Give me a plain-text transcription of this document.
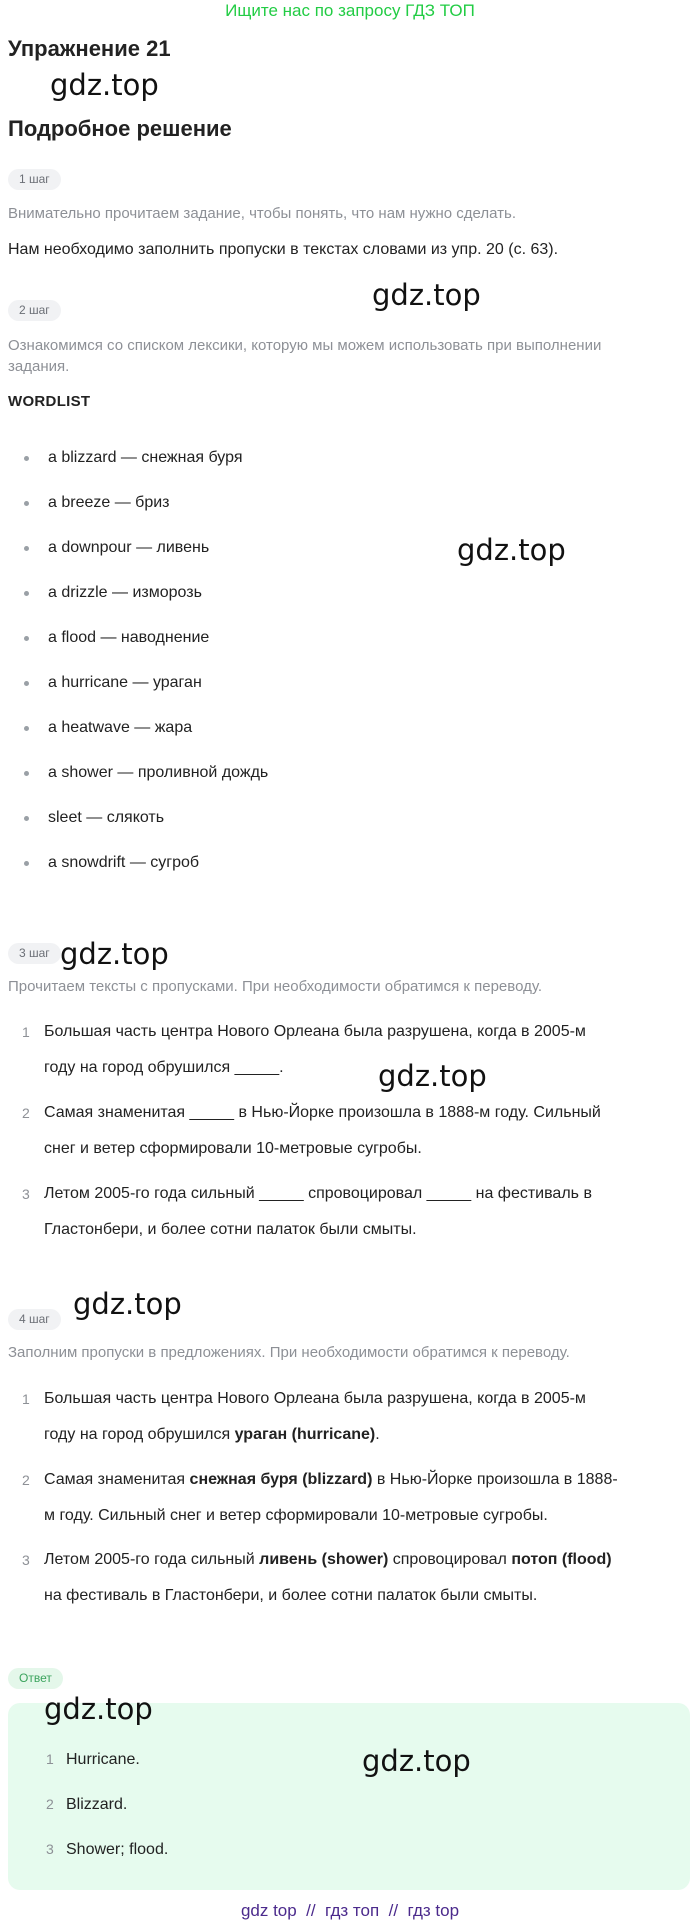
Ищите нас по запросу ГДЗ ТОП
Упражнение 21
gdz.top
Подробное решение
1 шаг
Внимательно прочитаем задание, чтобы понять, что нам нужно сделать.
Нам необходимо заполнить пропуски в текстах словами из упр. 20 (с. 63).
gdz.top
2 шаг
Ознакомимся со списком лексики, которую мы можем использовать при выполнении
задания.
WORDLIST
a blizzard — снежная буря
a breeze — бриз
a downpour — ливень
a drizzle — изморозь
a flood — наводнение
a hurricane — ураган
a heatwave — жара
a shower — проливной дождь
sleet — слякоть
a snowdrift — сугроб
gdz.top
3 шаг gdz.top
Прочитаем тексты с пропусками. При необходимости обратимся к переводу.
1 Большая часть центра Нового Орлеана была разрушена, когда в 2005-м
году на город обрушился _____.	gdz.top
2 Самая знаменитая _____ в Нью-Йорке произошла в 1888-м году. Сильный
снег и ветер сформировали 10-метровые сугробы.
3 Летом 2005-го года сильный _____ спровоцировал _____ на фестиваль в
Гластонбери, и более сотни палаток были смыты.
gdz.top
4 шаг
Заполним пропуски в предложениях. При необходимости обратимся к переводу.
1 Большая часть центра Нового Орлеана была разрушена, когда в 2005-м
году на город обрушился ураган (hurricane).
2 Самая знаменитая снежная буря (blizzard) в Нью-Йорке произошла в 1888-
м году. Сильный снег и ветер сформировали 10-метровые сугробы.
3 Летом 2005-го года сильный ливень (shower) спровоцировал потоп (flood)
на фестиваль в Гластонбери, и более сотни палаток были смыты.
Ответ
gdz.top
gdz.top
1 Hurricane.
2 Blizzard.
3 Shower; flood.
gdz top  //  гдз топ  //  гдз top
